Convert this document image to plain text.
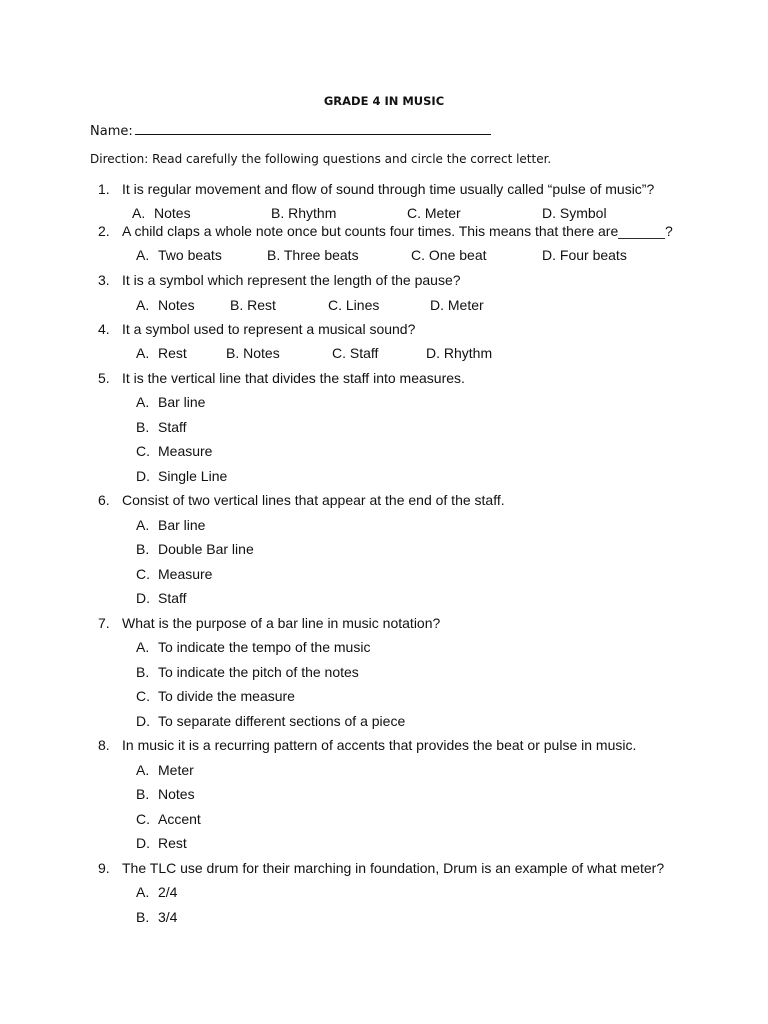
GRADE 4 IN MUSIC
Name:
Direction: Read carefully the following questions and circle the correct letter.
1. It is regular movement and flow of sound through time usually called “pulse of music”?
A. Notes	B. Rhythm	C. Meter	D. Symbol
2. A child claps a whole note once but counts four times. This means that there are______?
A. Two beats	B. Three beats	C. One beat	D. Four beats
3. It is a symbol which represent the length of the pause?
A. Notes	B. Rest	C. Lines	D. Meter
4. It a symbol used to represent a musical sound?
A. Rest	B. Notes	C. Staff	D. Rhythm
5. It is the vertical line that divides the staff into measures.
A. Bar line
B. Staff
C. Measure
D. Single Line
6. Consist of two vertical lines that appear at the end of the staff.
A. Bar line
B. Double Bar line
C. Measure
D. Staff
7. What is the purpose of a bar line in music notation?
A. To indicate the tempo of the music
B. To indicate the pitch of the notes
C. To divide the measure
D. To separate different sections of a piece
8. In music it is a recurring pattern of accents that provides the beat or pulse in music.
A. Meter
B. Notes
C. Accent
D. Rest
9. The TLC use drum for their marching in foundation, Drum is an example of what meter?
A. 2/4
B. 3/4
